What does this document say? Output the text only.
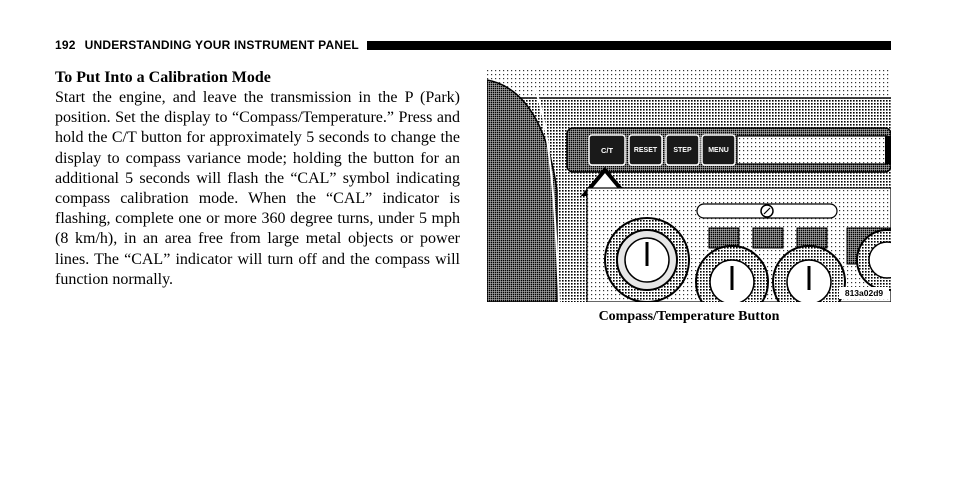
192 UNDERSTANDING YOUR INSTRUMENT PANEL
To Put Into a Calibration Mode
Start the engine, and leave the transmission in the P (Park) position. Set the display to “Compass/Temperature.” Press and hold the C/T button for approximately 5 seconds to change the display to compass variance mode; holding the button for an additional 5 seconds will flash the “CAL” symbol indicating compass calibration mode. When the “CAL” indicator is flashing, complete one or more 360 degree turns, under 5 mph (8 km/h), in an area free from large metal objects or power lines. The “CAL” indicator will turn off and the compass will function normally.
C/T	RESET STEP MENU
813a02d9
Compass/Temperature Button
